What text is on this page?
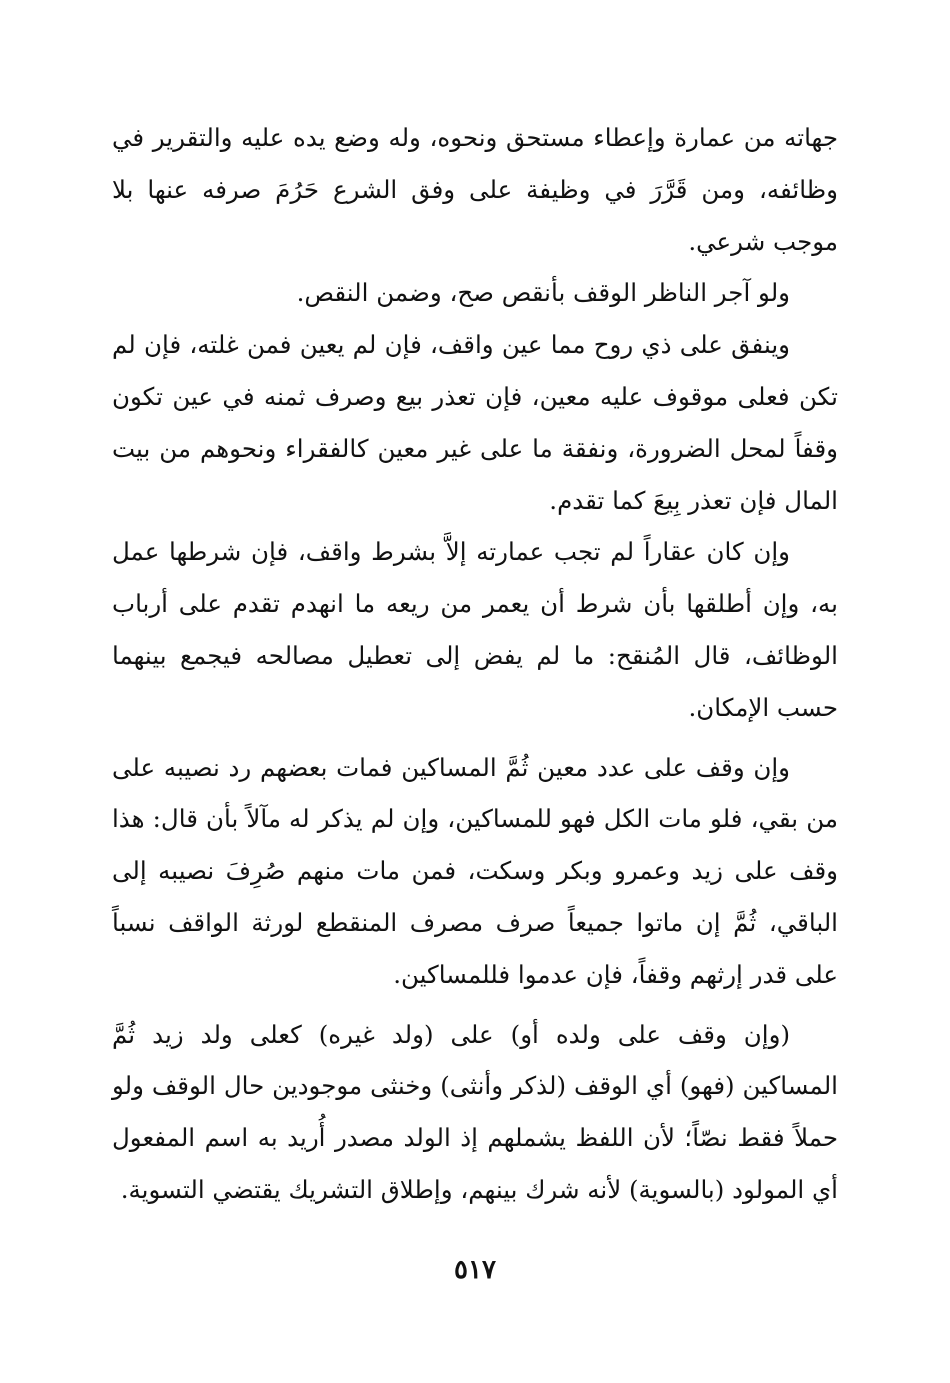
جهاته من عمارة وإعطاء مستحق ونحوه، وله وضع يده عليه والتقرير في وظائفه، ومن قَرَّرَ في وظيفة على وفق الشرع حَرُمَ صرفه عنها بلا موجب شرعي.

ولو آجر الناظر الوقف بأنقص صح، وضمن النقص.

وينفق على ذي روح مما عين واقف، فإن لم يعين فمن غلته، فإن لم تكن فعلى موقوف عليه معين، فإن تعذر بيع وصرف ثمنه في عين تكون وقفاً لمحل الضرورة، ونفقة ما على غير معين كالفقراء ونحوهم من بيت المال فإن تعذر بِيعَ كما تقدم.

وإن كان عقاراً لم تجب عمارته إلاَّ بشرط واقف، فإن شرطها عمل به، وإن أطلقها بأن شرط أن يعمر من ريعه ما انهدم تقدم على أرباب الوظائف، قال المُنقح: ما لم يفض إلى تعطيل مصالحه فيجمع بينهما حسب الإمكان.

وإن وقف على عدد معين ثُمَّ المساكين فمات بعضهم رد نصيبه على من بقي، فلو مات الكل فهو للمساكين، وإن لم يذكر له مآلاً بأن قال: هذا وقف على زيد وعمرو وبكر وسكت، فمن مات منهم صُرِفَ نصيبه إلى الباقي، ثُمَّ إن ماتوا جميعاً صرف مصرف المنقطع لورثة الواقف نسباً على قدر إرثهم وقفاً، فإن عدموا فللمساكين.

(وإن وقف على ولده أو) على (ولد غيره) كعلى ولد زيد ثُمَّ المساكين (فهو) أي الوقف (لذكر وأنثى) وخنثى موجودين حال الوقف ولو حملاً فقط نصّاً؛ لأن اللفظ يشملهم إذ الولد مصدر أُريد به اسم المفعول أي المولود (بالسوية) لأنه شرك بينهم، وإطلاق التشريك يقتضي التسوية.

٥١٧
